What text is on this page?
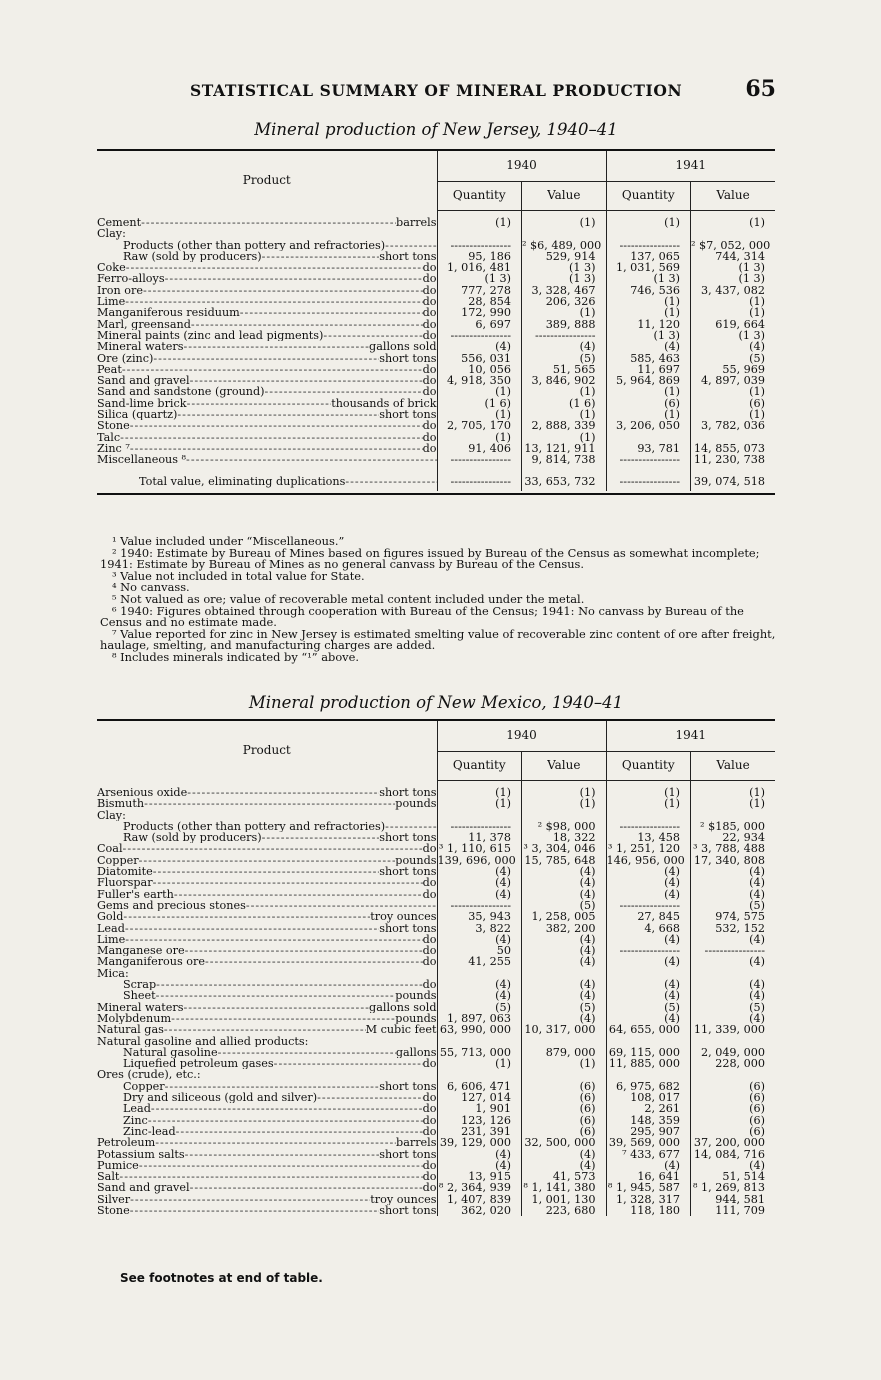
STATISTICAL SUMMARY OF MINERAL PRODUCTION	65
Mineral production of New Jersey, 1940–41
Product	1940		1941	
	Quantity	Value	Quantity	Value

Cement ----- barrels	(1)	(1)	(1)	(1)

Clay:				

Products (other than pottery and refractories)
-----	----------------	² $6, 489, 000	----------------	² $7, 052, 000

Raw (sold by producers) ----- short tons	95, 186	529, 914	137, 065	744, 314

Coke ----- do	1, 016, 481	(1 3)	1, 031, 569	(1 3)

Ferro-alloys ----- do	(1 3)	(1 3)	(1 3)	(1 3)

Iron ore ----- do	777, 278	3, 328, 467	746, 536	3, 437, 082

Lime ----- do	28, 854	206, 326	(1)	(1)

Manganiferous residuum ----- do	172, 990	(1)	(1)	(1)

Marl, greensand ----- do	6, 697	389, 888	11, 120	619, 664

Mineral paints (zinc and lead pigments) ----- do	----------------	----------------	(1 3)	(1 3)

Mineral waters ----- gallons sold	(4)	(4)	(4)	(4)

Ore (zinc) ----- short tons	556, 031	(5)	585, 463	(5)

Peat ----- do	10, 056	51, 565	11, 697	55, 969

Sand and gravel ----- do	4, 918, 350	3, 846, 902	5, 964, 869	4, 897, 039

Sand and sandstone (ground) ----- do	(1)	(1)	(1)	(1)

Sand-lime brick ----- thousands of brick	(1 6)	(1 6)	(6)	(6)

Silica (quartz) ----- short tons	(1)	(1)	(1)	(1)

Stone ----- do	2, 705, 170	2, 888, 339	3, 206, 050	3, 782, 036

Talc ----- do	(1)	(1)		

Zinc ⁷ ----- do	91, 406	13, 121, 911	93, 781	14, 855, 073

Miscellaneous ⁸
-----	----------------	9, 814, 738	----------------	11, 230, 738

Total value, eliminating duplications
-----	----------------	33, 653, 732	----------------	39, 074, 518

¹ Value included under “Miscellaneous.”

² 1940: Estimate by Bureau of Mines based on figures issued by Bureau of the Census as somewhat incomplete; 1941: Estimate by Bureau of Mines as no general canvass by Bureau of the Census.

³ Value not included in total value for State.

⁴ No canvass.

⁵ Not valued as ore; value of recoverable metal content included under the metal.

⁶ 1940: Figures obtained through cooperation with Bureau of the Census; 1941: No canvass by Bureau of the Census and no estimate made.

⁷ Value reported for zinc in New Jersey is estimated smelting value of recoverable zinc content of ore after freight, haulage, smelting, and manufacturing charges are added.

⁸ Includes minerals indicated by “¹” above.

Mineral production of New Mexico, 1940–41
Product	1940		1941	
	Quantity	Value	Quantity	Value

Arsenious oxide ----- short tons	(1)	(1)	(1)	(1)

Bismuth ----- pounds	(1)	(1)	(1)	(1)

Clay:				

Products (other than pottery and refractories)
-----	----------------	² $98, 000	----------------	² $185, 000

Raw (sold by producers) ----- short tons	11, 378	18, 322	13, 458	22, 934

Coal ----- do	³ 1, 110, 615	³ 3, 304, 046	³ 1, 251, 120	³ 3, 788, 488

Copper ----- pounds	139, 696, 000	15, 785, 648	146, 956, 000	17, 340, 808

Diatomite ----- short tons	(4)	(4)	(4)	(4)

Fluorspar ----- do	(4)	(4)	(4)	(4)

Fuller's earth ----- do	(4)	(4)	(4)	(4)

Gems and precious stones
-----	----------------	(5)	----------------	(5)

Gold ----- troy ounces	35, 943	1, 258, 005	27, 845	974, 575

Lead ----- short tons	3, 822	382, 200	4, 668	532, 152

Lime ----- do	(4)	(4)	(4)	(4)

Manganese ore ----- do	50	(4)	----------------	----------------

Manganiferous ore ----- do	41, 255	(4)	(4)	(4)

Mica:				

Scrap ----- do	(4)	(4)	(4)	(4)

Sheet ----- pounds	(4)	(4)	(4)	(4)

Mineral waters ----- gallons sold	(5)	(5)	(5)	(5)

Molybdenum ----- pounds	1, 897, 063	(4)	(4)	(4)

Natural gas ----- M cubic feet	63, 990, 000	10, 317, 000	64, 655, 000	11, 339, 000

Natural gasoline and allied products:				

Natural gasoline ----- gallons	55, 713, 000	879, 000	69, 115, 000	2, 049, 000

Liquefied petroleum gases ----- do	(1)	(1)	11, 885, 000	228, 000

Ores (crude), etc.:				

Copper ----- short tons	6, 606, 471	(6)	6, 975, 682	(6)

Dry and siliceous (gold and silver) ----- do	127, 014	(6)	108, 017	(6)

Lead ----- do	1, 901	(6)	2, 261	(6)

Zinc ----- do	123, 126	(6)	148, 359	(6)

Zinc-lead ----- do	231, 391	(6)	295, 907	(6)

Petroleum ----- barrels	39, 129, 000	32, 500, 000	39, 569, 000	37, 200, 000

Potassium salts ----- short tons	(4)	(4)	⁷ 433, 677	14, 084, 716

Pumice ----- do	(4)	(4)	(4)	(4)

Salt ----- do	13, 915	41, 573	16, 641	51, 514

Sand and gravel ----- do	⁸ 2, 364, 939	⁸ 1, 141, 380	⁸ 1, 945, 587	⁸ 1, 269, 813

Silver ----- troy ounces	1, 407, 839	1, 001, 130	1, 328, 317	944, 581

Stone ----- short tons	362, 020	223, 680	118, 180	111, 709
See footnotes at end of table.
